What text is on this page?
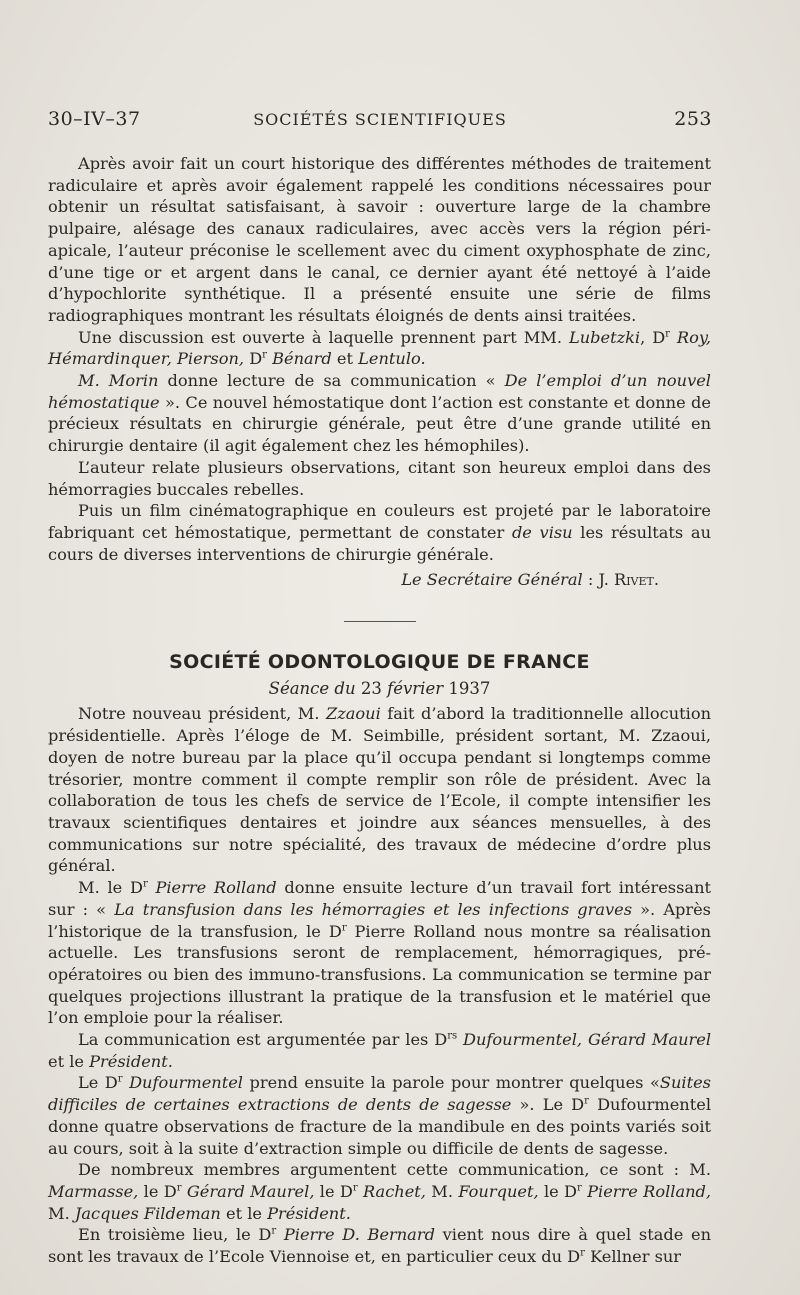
30–IV–37	SOCIÉTÉS SCIENTIFIQUES	253

Après avoir fait un court historique des différentes méthodes de traitement radiculaire et après avoir également rappelé les conditions nécessaires pour obtenir un résultat satisfaisant, à savoir : ouverture large de la chambre pulpaire, alésage des canaux radiculaires, avec accès vers la région péri-apicale, l’auteur préconise le scellement avec du ciment oxyphosphate de zinc, d’une tige or et argent dans le canal, ce dernier ayant été nettoyé à l’aide d’hypochlorite synthétique. Il a présenté ensuite une série de films radiographiques montrant les résultats éloignés de dents ainsi traitées.

Une discussion est ouverte à laquelle prennent part MM. Lubetzki, $D^r$ Roy, Hémardinquer, Pierson, $D^r$ Bénard et Lentulo.

M. Morin donne lecture de sa communication « De l’emploi d’un nouvel hémostatique ». Ce nouvel hémostatique dont l’action est constante et donne de précieux résultats en chirurgie générale, peut être d’une grande utilité en chirurgie dentaire (il agit également chez les hémophiles).

L’auteur relate plusieurs observations, citant son heureux emploi dans des hémorragies buccales rebelles.

Puis un film cinématographique en couleurs est projeté par le laboratoire fabriquant cet hémostatique, permettant de constater de visu les résultats au cours de diverses interventions de chirurgie générale.

Le Secrétaire Général : J. Rivet.

SOCIÉTÉ ODONTOLOGIQUE DE FRANCE
Séance du 23 février 1937

Notre nouveau président, M. Zzaoui fait d’abord la traditionnelle allocution présidentielle. Après l’éloge de M. Seimbille, président sortant, M. Zzaoui, doyen de notre bureau par la place qu’il occupa pendant si longtemps comme trésorier, montre comment il compte remplir son rôle de président. Avec la collaboration de tous les chefs de service de l’Ecole, il compte intensifier les travaux scientifiques dentaires et joindre aux séances mensuelles, à des communications sur notre spécialité, des travaux de médecine d’ordre plus général.

M. le $D^r$ Pierre Rolland donne ensuite lecture d’un travail fort intéressant sur : « La transfusion dans les hémorragies et les infections graves ». Après l’historique de la transfusion, le $D^r$ Pierre Rolland nous montre sa réalisation actuelle. Les transfusions seront de remplacement, hémorragiques, pré-opératoires ou bien des immuno-transfusions. La communication se termine par quelques projections illustrant la pratique de la transfusion et le matériel que l’on emploie pour la réaliser.

La communication est argumentée par les $D^{rs}$ Dufourmentel, Gérard Maurel et le Président.

Le $D^r$ Dufourmentel prend ensuite la parole pour montrer quelques «Suites difficiles de certaines extractions de dents de sagesse ». Le $D^r$ Dufourmentel donne quatre observations de fracture de la mandibule en des points variés soit au cours, soit à la suite d’extraction simple ou difficile de dents de sagesse.

De nombreux membres argumentent cette communication, ce sont : M. Marmasse, le $D^r$ Gérard Maurel, le $D^r$ Rachet, M. Fourquet, le $D^r$ Pierre Rolland, M. Jacques Fildeman et le Président.

En troisième lieu, le $D^r$ Pierre D. Bernard vient nous dire à quel stade en sont les travaux de l’Ecole Viennoise et, en particulier ceux du $D^r$ Kellner sur
